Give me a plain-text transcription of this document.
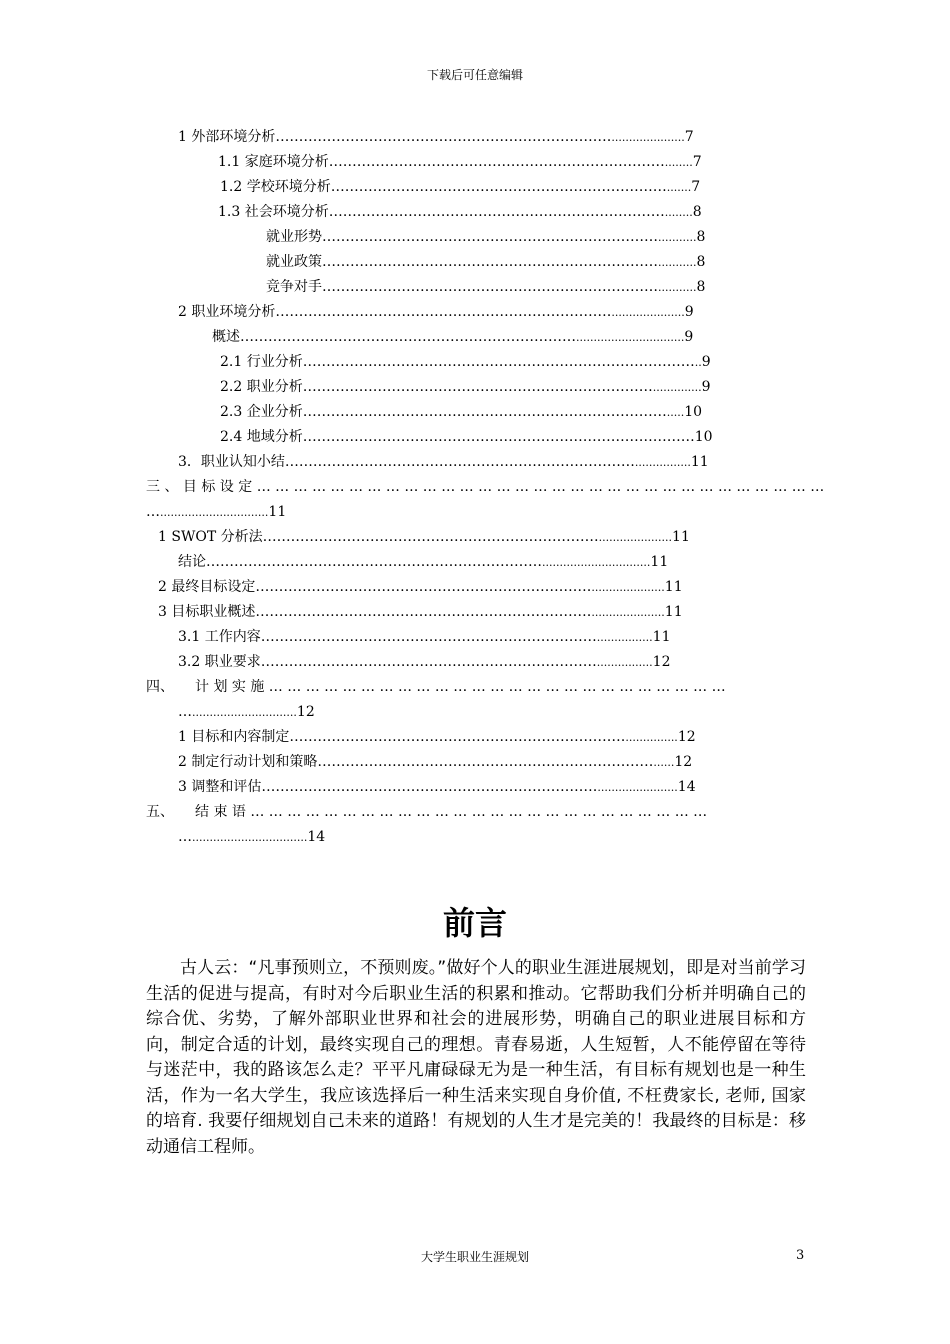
下载后可任意编辑
1 外部环境分析……………………………………………………………….....................7
1.1 家庭环境分析………………………………………………………………........7
1.2 学校环境分析……………………………………………………………….......7
1.3 社会环境分析………………………………………………………………........8
就业形势………………………………………………………………...........8
就业政策………………………………………………………………...........8
竞争对手………………………………………………………………...........8
2 职业环境分析……………………………………………………………….....................9
概述………………………………………………………………...............................9
2.1 行业分析…………………………………………………………………………..9
2.2 职业分析…………………………………………………………………..............9
2.3 企业分析…………………………………………………………………….....10
2.4 地域分析…………………………………………………………………………10
3．职业认知小结…………………………………………………………………................11
三 、 目 标 设 定 … … … … … … … … … … … … … … … … … … … … … … … … … … … … … … …
…...............................11
1 SWOT 分析法……………………………………………………………….....................11
结论………………………………………………………………...............................11
2 最终目标设定……………………………………………………………….....................11
3 目标职业概述……………………………………………………………….....................11
3.1 工作内容………………………………………………………………................11
3.2 职业要求………………………………………………………………................12
四、　　计 划 实 施 … … … … … … … … … … … … … … … … … … … … … … … … …
…..............................12
1 目标和内容制定………………………………………………………………...............12
2 制定行动计划和策略………………………………………………………………......12
3 调整和评估……………………………………………………………….......................14
五、　　结 束 语 … … … … … … … … … … … … … … … … … … … … … … … … …
….................................14
前言
古人云：“凡事预则立，不预则废。”做好个人的职业生涯进展规划，即是对当前学习生活的促进与提高，有时对今后职业生活的积累和推动。它帮助我们分析并明确自己的综合优、劣势，了解外部职业世界和社会的进展形势，明确自己的职业进展目标和方向，制定合适的计划，最终实现自己的理想。青春易逝，人生短暂，人不能停留在等待与迷茫中，我的路该怎么走？平平凡庸碌碌无为是一种生活，有目标有规划也是一种生活，作为一名大学生，我应该选择后一种生活来实现自身价值, 不枉费家长, 老师, 国家的培育. 我要仔细规划自己未来的道路！有规划的人生才是完美的！我最终的目标是：移动通信工程师。
大学生职业生涯规划	3
